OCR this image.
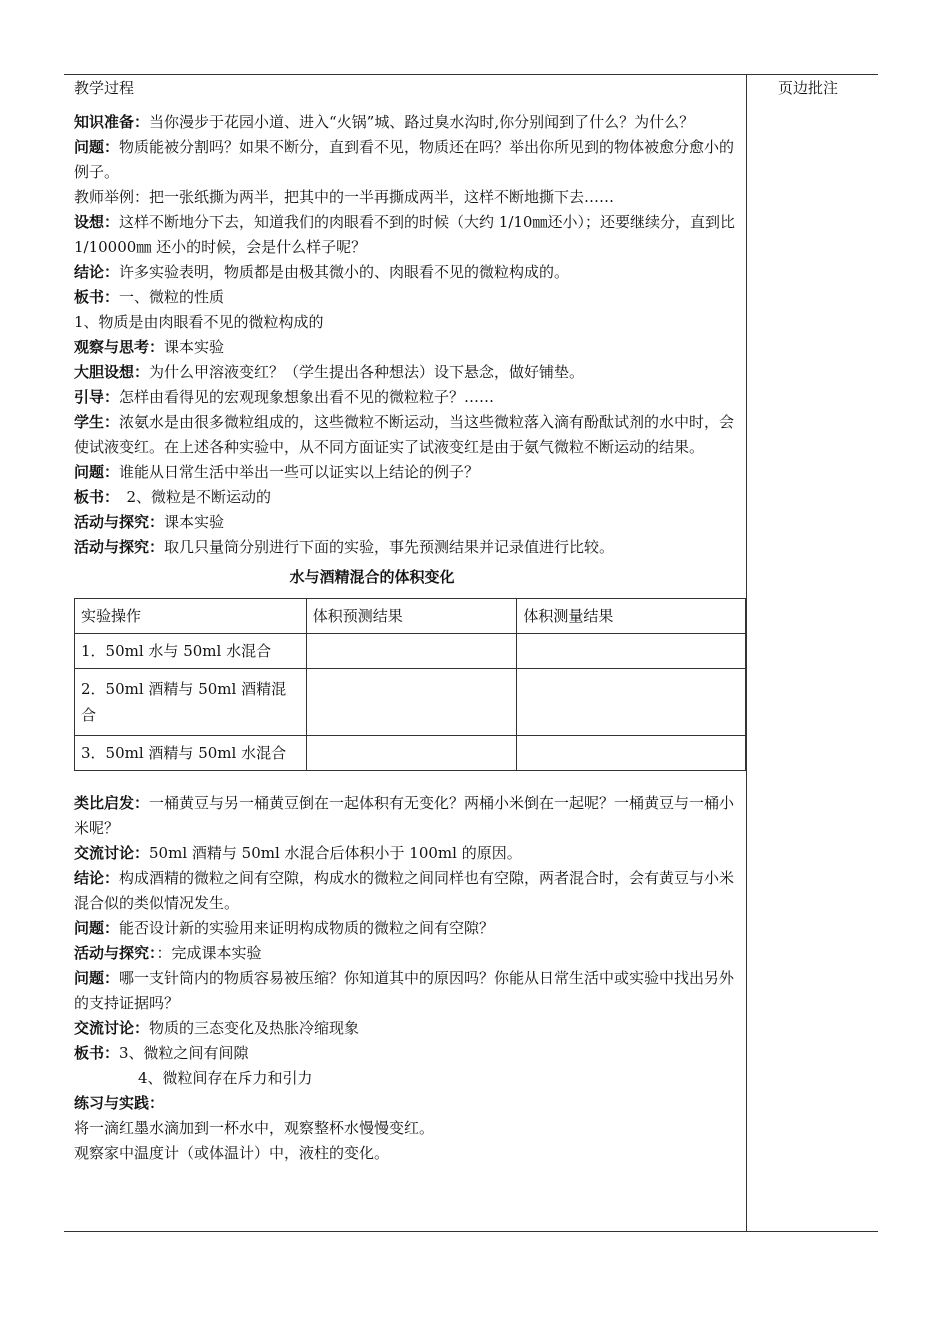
页边批注
教学过程

知识准备：当你漫步于花园小道、进入“火锅”城、路过臭水沟时,你分别闻到了什么？为什么？

问题：物质能被分割吗？如果不断分，直到看不见，物质还在吗？举出你所见到的物体被愈分愈小的例子。

教师举例：把一张纸撕为两半，把其中的一半再撕成两半，这样不断地撕下去……

设想：这样不断地分下去，知道我们的肉眼看不到的时候（大约 1/10㎜还小）；还要继续分，直到比 1/10000㎜ 还小的时候，会是什么样子呢？

结论：许多实验表明，物质都是由极其微小的、肉眼看不见的微粒构成的。

板书：一、微粒的性质

1、物质是由肉眼看不见的微粒构成的

观察与思考：课本实验

大胆设想：为什么甲溶液变红？（学生提出各种想法）设下悬念，做好铺垫。

引导：怎样由看得见的宏观现象想象出看不见的微粒粒子？……

学生：浓氨水是由很多微粒组成的，这些微粒不断运动，当这些微粒落入滴有酚酞试剂的水中时，会使试液变红。在上述各种实验中，从不同方面证实了试液变红是由于氨气微粒不断运动的结果。

问题：谁能从日常生活中举出一些可以证实以上结论的例子？

板书：　2、微粒是不断运动的

活动与探究：课本实验

活动与探究：取几只量筒分别进行下面的实验，事先预测结果并记录值进行比较。

水与酒精混合的体积变化
实验操作	体积预测结果	体积测量结果
1．50ml 水与 50ml 水混合		
2．50ml 酒精与 50ml 酒精混合		
3．50ml 酒精与 50ml 水混合		

类比启发：一桶黄豆与另一桶黄豆倒在一起体积有无变化？两桶小米倒在一起呢？一桶黄豆与一桶小米呢？

交流讨论：50ml 酒精与 50ml 水混合后体积小于 100ml 的原因。

结论：构成酒精的微粒之间有空隙，构成水的微粒之间同样也有空隙，两者混合时，会有黄豆与小米混合似的类似情况发生。

问题：能否设计新的实验用来证明构成物质的微粒之间有空隙？

活动与探究：：完成课本实验

问题：哪一支针筒内的物质容易被压缩？你知道其中的原因吗？你能从日常生活中或实验中找出另外的支持证据吗？

交流讨论：物质的三态变化及热胀冷缩现象

板书：3、微粒之间有间隙

4、微粒间存在斥力和引力

练习与实践：

将一滴红墨水滴加到一杯水中，观察整杯水慢慢变红。

观察家中温度计（或体温计）中，液柱的变化。
